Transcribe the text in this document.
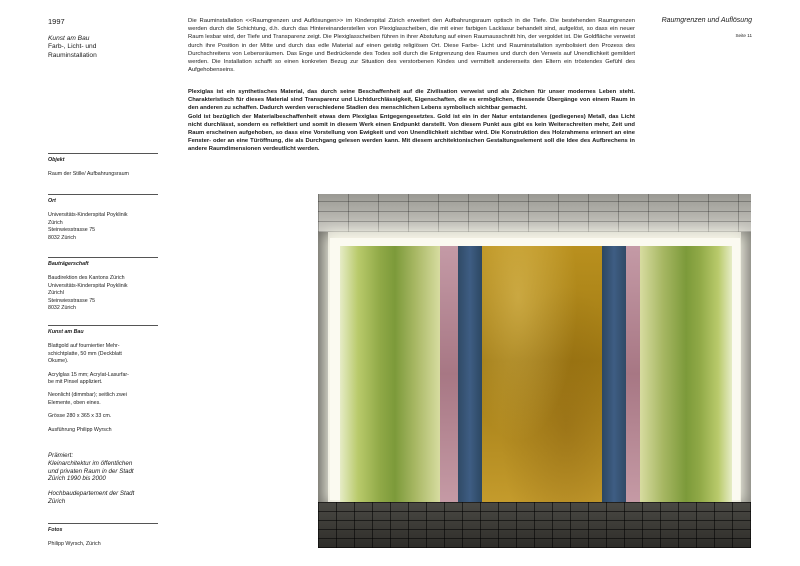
1997
Kunst am Bau
Farb-, Licht- und
Rauminstallation
Raumgrenzen und Auflösung
Seite 11
Die Rauminstallation <<Raumgrenzen und Auflösungen>> im Kinderspital Zürich erweitert den Aufbahrungsraum optisch in die Tiefe. Die bestehenden Raumgrenzen werden durch die Schichtung, d.h. durch das Hintereinanderstellen von Plexiglasscheiben, die mit einer farbigen Lacklasur behandelt sind, aufgelöst, so dass ein neuer Raum lesbar wird, der Tiefe und Transparenz zeigt. Die Plexiglasscheiben führen in ihrer Abstufung auf einen Raumausschnitt hin, der vergoldet ist. Die Goldfläche verweist durch ihre Position in der Mitte und durch das edle Material auf einen geistig religiösen Ort. Diese Farbe- Licht und Rauminstallation symbolisiert den Prozess des Durchschreitens von Lebensräumen. Das Enge und Bedrückende des Todes soll durch die Entgrenzung des Raumes und durch den Verweis auf Unendlichkeit gemildert werden. Die Installation schafft so einen konkreten Bezug zur Situation des verstorbenen Kindes und vermittelt andererseits den Eltern ein tröstendes Gefühl des Aufgehobenseins.

Plexiglas ist ein synthetisches Material, das durch seine Beschaffenheit auf die Zivilisation verweist und als Zeichen für unser modernes Leben steht. Charakteristisch für dieses Material sind Transparenz und Lichtdurchlässigkeit, Eigenschaften, die es ermöglichen, fliessende Übergänge von einem Raum in den anderen zu schaffen. Dadurch werden verschiedene Stadien des menschlichen Lebens symbolisch sichtbar gemacht.

Gold ist bezüglich der Materialbeschaffenheit etwas dem Plexiglas Entgegengesetztes. Gold ist ein in der Natur entstandenes (gediegenes) Metall, das Licht nicht durchlässt, sondern es reflektiert und somit in diesem Werk einen Endpunkt darstellt. Von diesem Punkt aus gibt es kein Weiterschreiten mehr, Zeit und Raum erscheinen aufgehoben, so dass eine Vorstellung von Ewigkeit und von Unendlichkeit sichtbar wird. Die Konstruktion des Holzrahmens erinnert an eine Fenster- oder an eine Türöffnung, die als Durchgang gelesen werden kann. Mit diesem architektonischen Gestaltungselement soll die Idee des Aufbrechens in andere Raumdimensionen verdeutlicht werden.

Objekt
Raum der Stille/ Aufbahrungsraum
Ort
Universitäts-Kinderspital Poyklinik
Zürich
Steinwiesstrasse 75
8032 Zürich
Bauträgerschaft
Baudirektion des Kantons Zürich
Universitäts-Kinderspital Poyklinik
Zürichl
Steinwiesstrasse 75
8032 Zürich
Kunst am Bau
Blattgold auf fourniertier Mehr-
schichtplatte, 50 mm (Deckblatt
Okume).
Acrylglas 15 mm; Acrylat-Lasurfar-
be mit Pinsel appliziert.
Neonlicht (dimmbar); seitlich zwei
Elemente, oben eines.
Grösse 280 x 365 x 33 cm.
Ausführung Philipp Wyrsch
Prämiert:
Kleinarchitektur im öffentlichen
und privaten Raum in der Stadt
Zürich 1990 bis 2000
Hochbaudepartement der Stadt
Zürich
Fotos
Philipp Wyrsch, Zürich
